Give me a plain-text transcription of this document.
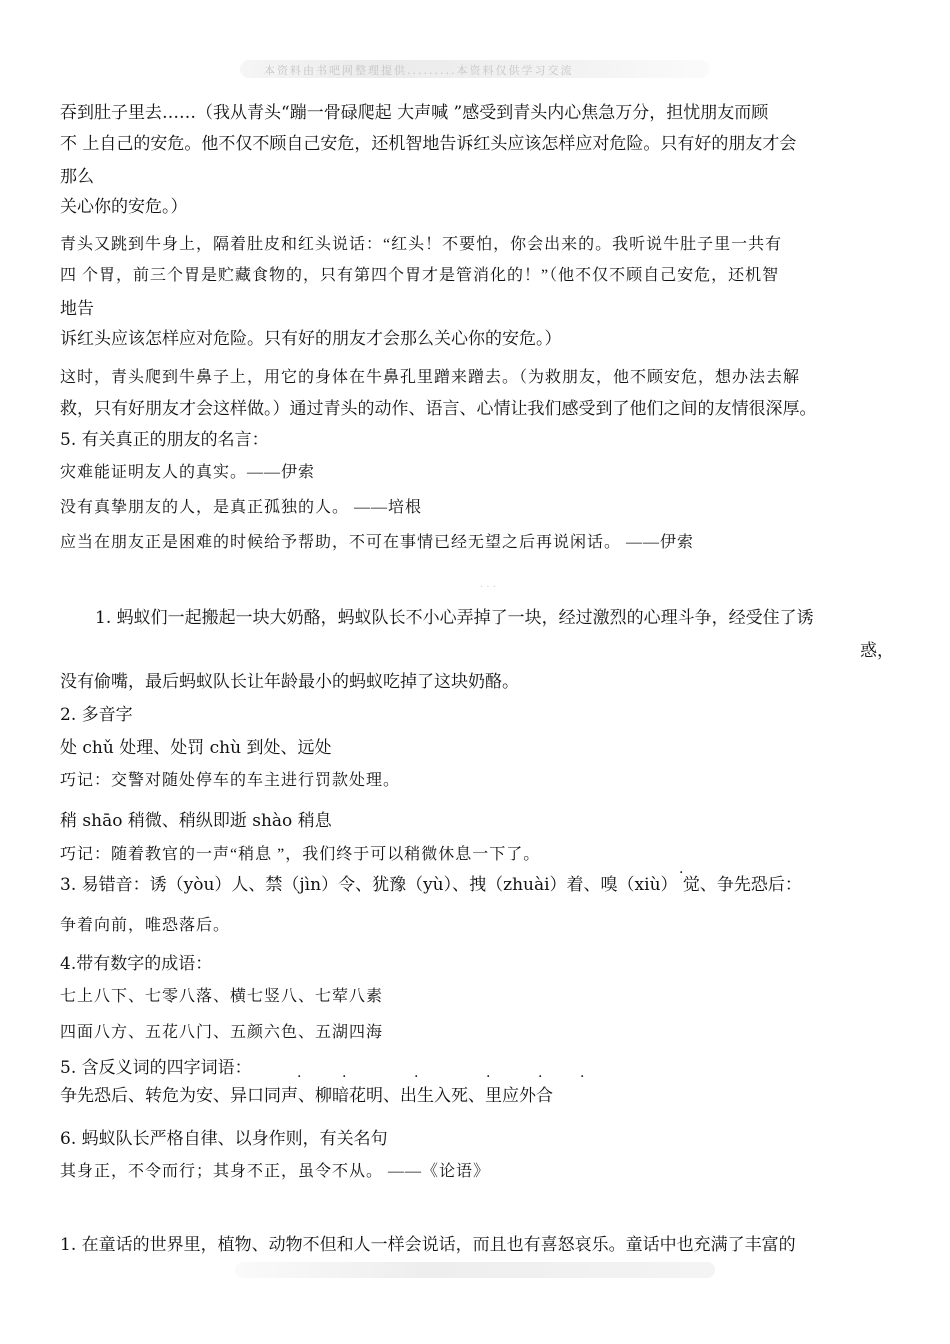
本资料由书吧网整理提供.........本资料仅供学习交流
吞到肚子里去……（我从青头“蹦一骨碌爬起 大声喊 ”感受到青头内心焦急万分，担忧朋友而顾
不 上自己的安危。他不仅不顾自己安危，还机智地告诉红头应该怎样应对危险。只有好的朋友才会
那么
关心你的安危。）
青头又跳到牛身上，隔着肚皮和红头说话：“红头！不要怕，你会出来的。我听说牛肚子里一共有
四 个胃，前三个胃是贮藏食物的，只有第四个胃才是管消化的！”（他不仅不顾自己安危，还机智
地告
诉红头应该怎样应对危险。只有好的朋友才会那么关心你的安危。）
这时，青头爬到牛鼻子上，用它的身体在牛鼻孔里蹭来蹭去。（为救朋友，他不顾安危，想办法去解
救，只有好朋友才会这样做。）通过青头的动作、语言、心情让我们感受到了他们之间的友情很深厚。
5. 有关真正的朋友的名言：
灾难能证明友人的真实。——伊索
没有真挚朋友的人，是真正孤独的人。 ——培根
应当在朋友正是困难的时候给予帮助，不可在事情已经无望之后再说闲话。 ——伊索
· · ·
1. 蚂蚁们一起搬起一块大奶酪，蚂蚁队长不小心弄掉了一块，经过激烈的心理斗争，经受住了诱
惑，
没有偷嘴，最后蚂蚁队长让年龄最小的蚂蚁吃掉了这块奶酪。
2. 多音字
处 chǔ 处理、处罚 chù 到处、远处
巧记：交警对随处停车的车主进行罚款处理。
稍 shāo 稍微、稍纵即逝 shào 稍息
巧记：随着教官的一声“稍息 ”，我们终于可以稍微休息一下了。
3. 易错音：诱（yòu）人、禁（jìn）令、犹豫（yù）、拽（zhuài）着、嗅（xiù） 觉、争先恐后：
.
争着向前，唯恐落后。
4.带有数字的成语：
七上八下、七零八落、横七竖八、七荤八素
四面八方、五花八门、五颜六色、五湖四海
5. 含反义词的四字词语：	.	.	.	.	.	.
争先恐后、转危为安、异口同声、柳暗花明、出生入死、里应外合
6. 蚂蚁队长严格自律、以身作则，有关名句
其身正，不令而行；其身不正，虽令不从。 ——《论语》
1. 在童话的世界里，植物、动物不但和人一样会说话，而且也有喜怒哀乐。童话中也充满了丰富的
